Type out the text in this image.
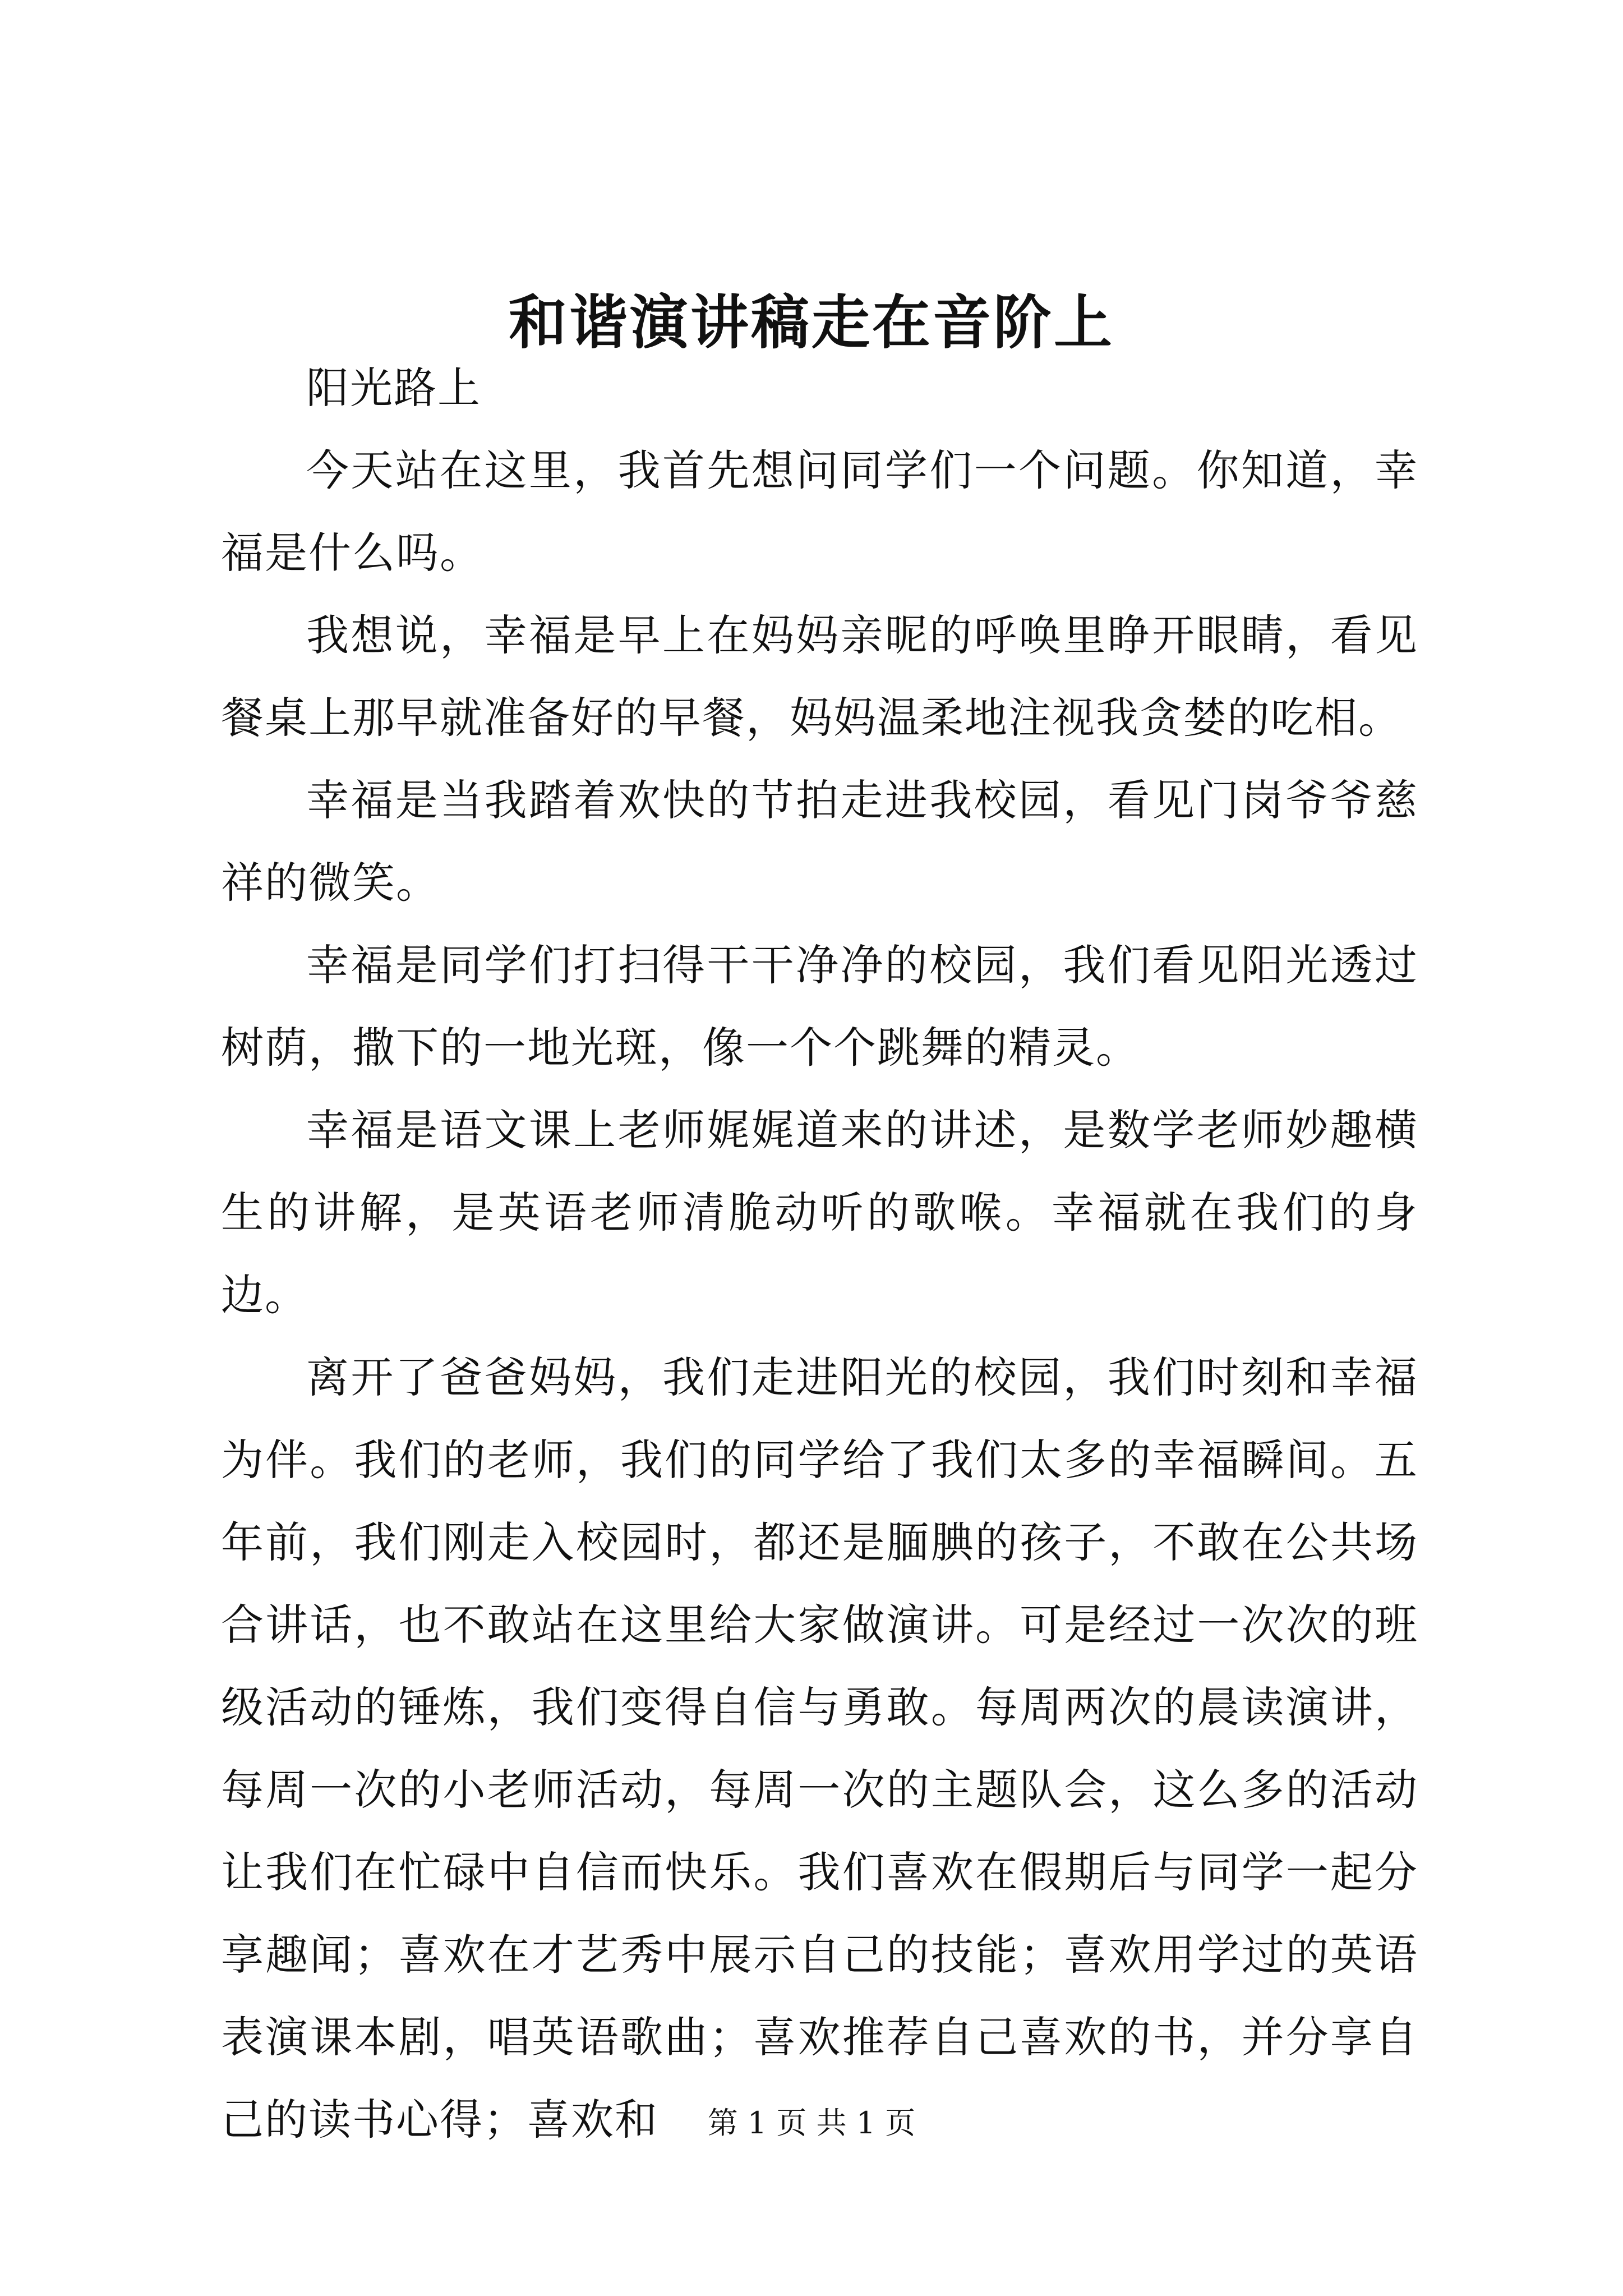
和谐演讲稿走在音阶上

阳光路上

今天站在这里，我首先想问同学们一个问题。你知道，幸福是什么吗。

我想说，幸福是早上在妈妈亲昵的呼唤里睁开眼睛，看见餐桌上那早就准备好的早餐，妈妈温柔地注视我贪婪的吃相。

幸福是当我踏着欢快的节拍走进我校园，看见门岗爷爷慈祥的微笑。

幸福是同学们打扫得干干净净的校园，我们看见阳光透过树荫，撒下的一地光斑，像一个个跳舞的精灵。

幸福是语文课上老师娓娓道来的讲述，是数学老师妙趣横生的讲解，是英语老师清脆动听的歌喉。幸福就在我们的身边。

离开了爸爸妈妈，我们走进阳光的校园，我们时刻和幸福为伴。我们的老师，我们的同学给了我们太多的幸福瞬间。五年前，我们刚走入校园时，都还是腼腆的孩子，不敢在公共场合讲话，也不敢站在这里给大家做演讲。可是经过一次次的班级活动的锤炼，我们变得自信与勇敢。每周两次的晨读演讲，每周一次的小老师活动，每周一次的主题队会，这么多的活动让我们在忙碌中自信而快乐。我们喜欢在假期后与同学一起分享趣闻；喜欢在才艺秀中展示自己的技能；喜欢用学过的英语表演课本剧，唱英语歌曲；喜欢推荐自己喜欢的书，并分享自己的读书心得；喜欢和	第 1 页 共 1 页
